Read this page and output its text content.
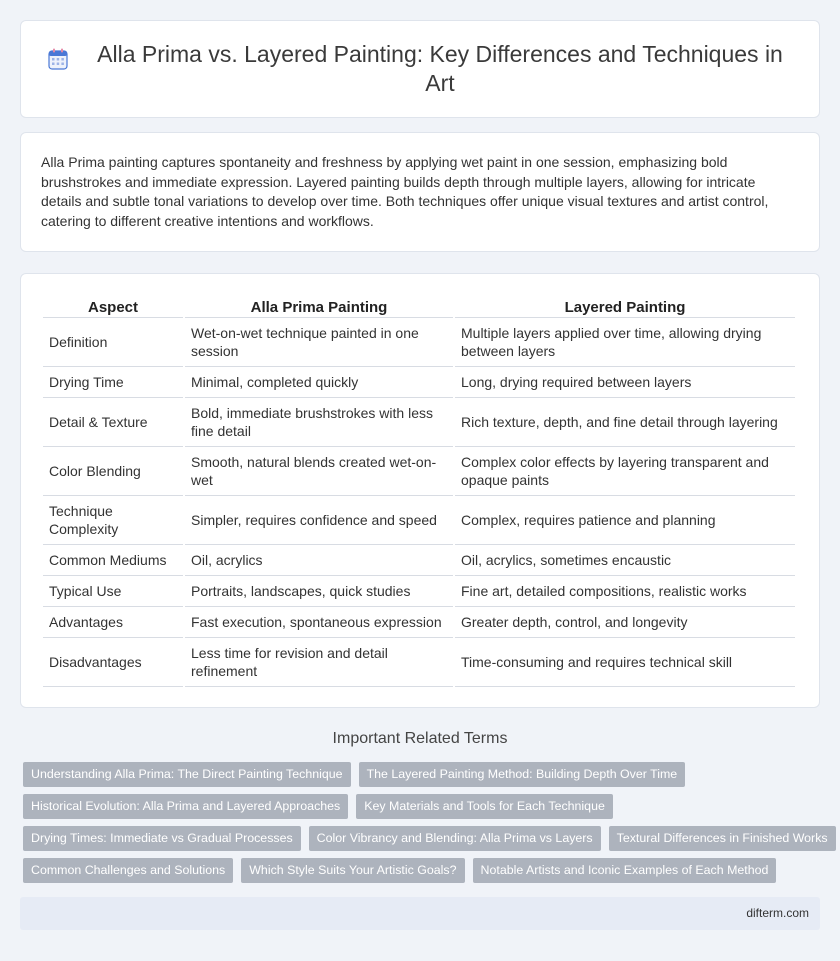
Alla Prima vs. Layered Painting: Key Differences and Techniques in Art

Alla Prima painting captures spontaneity and freshness by applying wet paint in one session, emphasizing bold brushstrokes and immediate expression. Layered painting builds depth through multiple layers, allowing for intricate details and subtle tonal variations to develop over time. Both techniques offer unique visual textures and artist control, catering to different creative intentions and workflows.

Aspect	Alla Prima Painting	Layered Painting
Definition	Wet-on-wet technique painted in one session	Multiple layers applied over time, allowing drying between layers
Drying Time	Minimal, completed quickly	Long, drying required between layers
Detail & Texture	Bold, immediate brushstrokes with less fine detail	Rich texture, depth, and fine detail through layering
Color Blending	Smooth, natural blends created wet-on-wet	Complex color effects by layering transparent and opaque paints
Technique Complexity	Simpler, requires confidence and speed	Complex, requires patience and planning
Common Mediums	Oil, acrylics	Oil, acrylics, sometimes encaustic
Typical Use	Portraits, landscapes, quick studies	Fine art, detailed compositions, realistic works
Advantages	Fast execution, spontaneous expression	Greater depth, control, and longevity
Disadvantages	Less time for revision and detail refinement	Time-consuming and requires technical skill
Important Related Terms
Understanding Alla Prima: The Direct Painting Technique	The Layered Painting Method: Building Depth Over Time
Historical Evolution: Alla Prima and Layered Approaches	Key Materials and Tools for Each Technique
Drying Times: Immediate vs Gradual Processes	Color Vibrancy and Blending: Alla Prima vs Layers	Textural Differences in Finished Works
Common Challenges and Solutions	Which Style Suits Your Artistic Goals?	Notable Artists and Iconic Examples of Each Method
difterm.com
